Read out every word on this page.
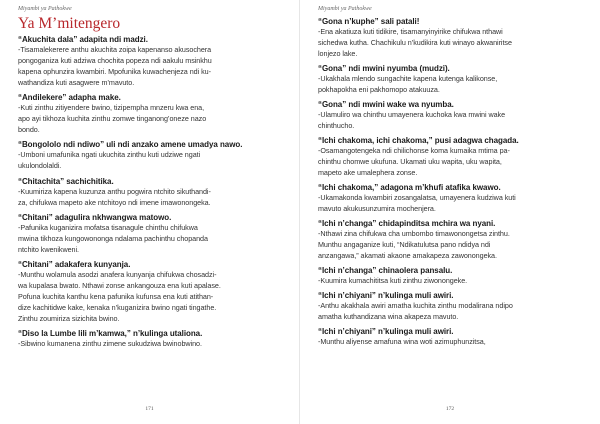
Miyambi ya Pathokwe
Ya M’mitengero
“Akuchita dala” adapita ndi madzi.
-Tisamalekerere anthu akuchita zoipa kapenanso akusochera
pongoganiza kuti adziwa chochita popeza ndi aakulu msinkhu
kapena ophunzira kwambiri. Mpofunika kuwachenjeza ndi ku-
wathandiza kuti asagwere m’mavuto.
“Andilekere” adapha make.
-Kuti zinthu zitiyendere bwino, tizipempha mnzeru kwa ena,
apo ayi tikhoza kuchita zinthu zomwe tinganong’oneze nazo
bondo.
“Bongololo ndi ndiwo” uli ndi anzako amene umadya nawo.
-Umboni umafunika ngati ukuchita zinthu kuti udziwe ngati
ukulondolaldi.
“Chitachita” sachichitika.
-Kuumiriza kapena kuzunza anthu pogwira ntchito sikuthandi-
za, chifukwa mapeto ake ntchitoyo ndi imene imawonongeka.
“Chitani” adagulira nkhwangwa matowo.
-Pafunika kuganizira mofatsa tisanagule chinthu chifukwa
mwina tikhoza kungowononga ndalama pachinthu chopanda
ntchito kwenikweni.
“Chitani” adakafera kunyanja.
-Munthu wolamula asodzi anafera kunyanja chifukwa chosadzi-
wa kupalasa bwato. Nthawi zonse ankangouza ena kuti apalase.
Pofuna kuchita kanthu kena pafunika kufunsa ena kuti atithan-
dize kachitidwe kake, kenaka n’kuganizira bwino ngati tingathe.
Zinthu zoumiriza sizichita bwino.
“Diso la Lumbe lili m’kamwa,” n’kulinga utaliona.
-Sibwino kumanena zinthu zimene sukudziwa bwinobwino.
171
Miyambi ya Pathokwe
“Gona n’kuphe” sali patali!
-Ena akatiuza kuti tidikire, tisamanyinyirike chifukwa nthawi
sichedwa kutha. Chachikulu n’kudikira kuti winayo akwaniritse
lonjezo lake.
“Gona” ndi mwini nyumba (mudzi).
-Ukakhala mlendo sungachite kapena kutenga kalikonse,
pokhapokha eni pakhomopo atakuuza.
“Gona” ndi mwini wake wa nyumba.
-Ulamuliro wa chinthu umayenera kuchoka kwa mwini wake
chinthucho.
“Ichi chakoma, ichi chakoma,” pusi adagwa chagada.
-Osamangotengeka ndi chilichonse koma kumaika mtima pa-
chinthu chomwe ukufuna. Ukamati uku wapita, uku wapita,
mapeto ake umalephera zonse.
“Ichi chakoma,” adagona m’khufi atafika kwawo.
-Ukamakonda kwambiri zosangalatsa, umayenera kudziwa kuti
mavuto akukusunzumira mochenjera.
“Ichi n’changa” chidapinditsa mchira wa nyani.
-Nthawi zina chifukwa cha umbombo timawonongetsa zinthu.
Munthu angaganize kuti, “Ndikatulutsa pano ndidya ndi
anzangawa,” akamati akaone amakapeza zawonongeka.
“Ichi n’changa” chinaolera pansalu.
-Kuumira kumachititsa kuti zinthu ziwonongeke.
“Ichi n’chiyani” n’kulinga muli awiri.
-Anthu akakhala awiri amatha kuchita zinthu modalirana ndipo
amatha kuthandizana wina akapeza mavuto.
“Ichi n’chiyani” n’kulinga muli awiri.
-Munthu aliyense amafuna wina woti azimuphunzitsa,
172
